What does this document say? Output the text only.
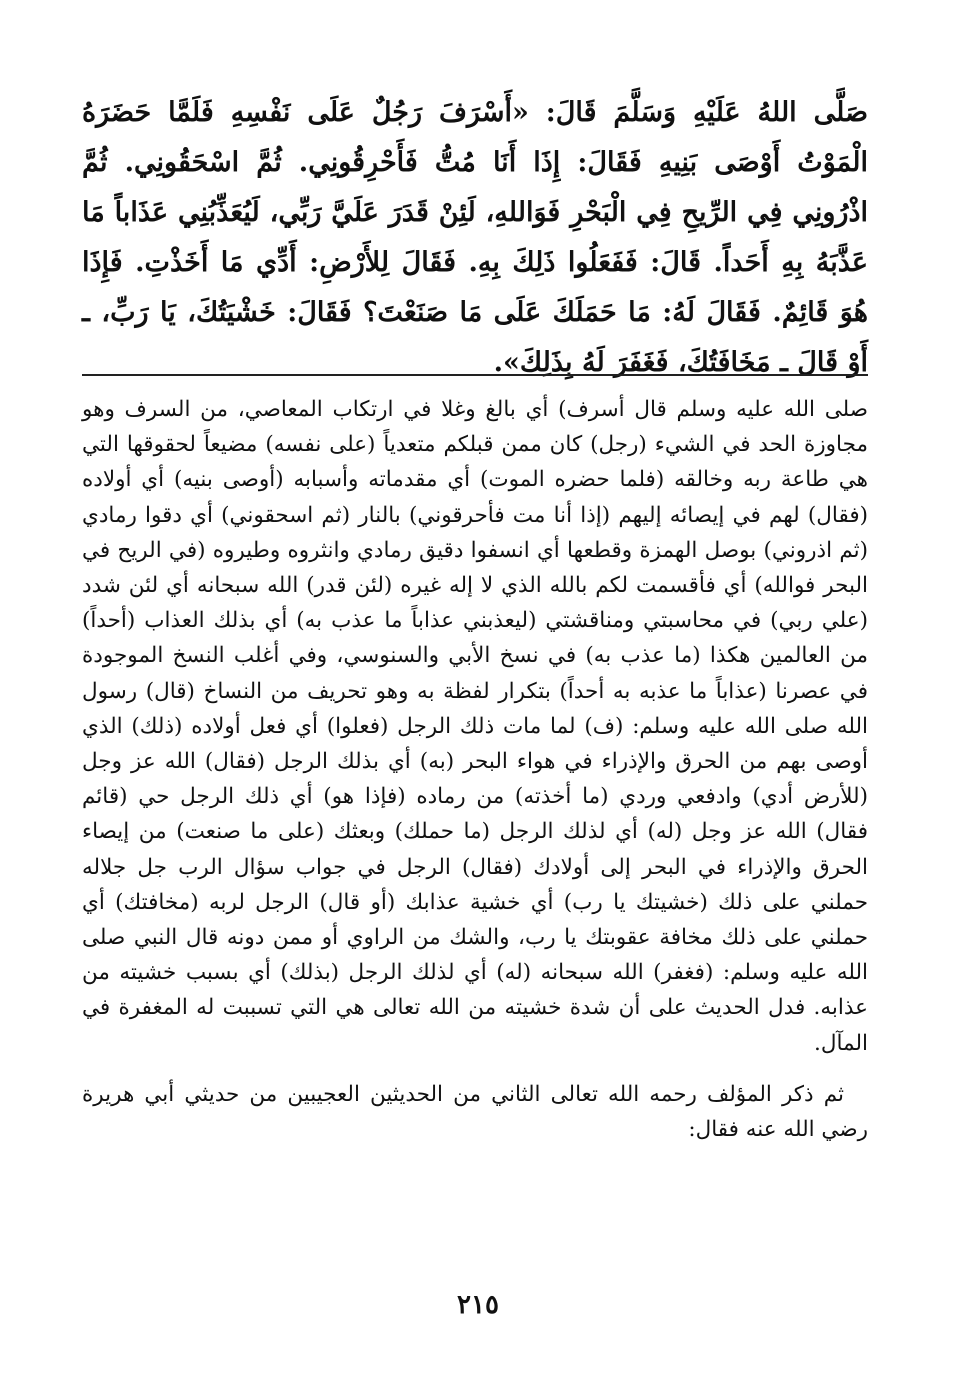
صَلَّى اللهُ عَلَيْهِ وَسَلَّمَ قَالَ: «أَسْرَفَ رَجُلٌ عَلَى نَفْسِهِ فَلَمَّا حَضَرَهُ الْمَوْتُ أَوْصَى بَنِيهِ فَقَالَ: إِذَا أَنَا مُتُّ فَأَحْرِقُونِي. ثُمَّ اسْحَقُونِي. ثُمَّ اذْرُونِي فِي الرِّيحِ فِي الْبَحْرِ فَوَاللهِ، لَئِنْ قَدَرَ عَلَيَّ رَبِّي، لَيُعَذِّبُنِي عَذَاباً مَا عَذَّبَهُ بِهِ أَحَداً. قَالَ: فَفَعَلُوا ذَلِكَ بِهِ. فَقَالَ لِلأَرْضِ: أَدِّي مَا أَخَذْتِ. فَإِذَا هُوَ قَائِمٌ. فَقَالَ لَهُ: مَا حَمَلَكَ عَلَى مَا صَنَعْتَ؟ فَقَالَ: خَشْيَتُكَ، يَا رَبِّ، ـ أَوْ قَالَ ـ مَخَافَتُكَ، فَغَفَرَ لَهُ بِذَلِكَ».

صلى الله عليه وسلم قال أسرف) أي بالغ وغلا في ارتكاب المعاصي، من السرف وهو مجاوزة الحد في الشيء (رجل) كان ممن قبلكم متعدياً (على نفسه) مضيعاً لحقوقها التي هي طاعة ربه وخالقه (فلما حضره الموت) أي مقدماته وأسبابه (أوصى بنيه) أي أولاده (فقال) لهم في إيصائه إليهم (إذا أنا مت فأحرقوني) بالنار (ثم اسحقوني) أي دقوا رمادي (ثم اذروني) بوصل الهمزة وقطعها أي انسفوا دقيق رمادي وانثروه وطيروه (في الريح في البحر فوالله) أي فأقسمت لكم بالله الذي لا إله غيره (لئن قدر) الله سبحانه أي لئن شدد (علي ربي) في محاسبتي ومناقشتي (ليعذبني عذاباً ما عذب به) أي بذلك العذاب (أحداً) من العالمين هكذا (ما عذب به) في نسخ الأبي والسنوسي، وفي أغلب النسخ الموجودة في عصرنا (عذاباً ما عذبه به أحداً) بتكرار لفظة به وهو تحريف من النساخ (قال) رسول الله صلى الله عليه وسلم: (ف) لما مات ذلك الرجل (فعلوا) أي فعل أولاده (ذلك) الذي أوصى بهم من الحرق والإذراء في هواء البحر (به) أي بذلك الرجل (فقال) الله عز وجل (للأرض أدي) وادفعي وردي (ما أخذته) من رماده (فإذا هو) أي ذلك الرجل حي (قائم فقال) الله عز وجل (له) أي لذلك الرجل (ما حملك) وبعثك (على ما صنعت) من إيصاء الحرق والإذراء في البحر إلى أولادك (فقال) الرجل في جواب سؤال الرب جل جلاله حملني على ذلك (خشيتك يا رب) أي خشية عذابك (أو قال) الرجل لربه (مخافتك) أي حملني على ذلك مخافة عقوبتك يا رب، والشك من الراوي أو ممن دونه قال النبي صلى الله عليه وسلم: (فغفر) الله سبحانه (له) أي لذلك الرجل (بذلك) أي بسبب خشيته من عذابه. فدل الحديث على أن شدة خشيته من الله تعالى هي التي تسببت له المغفرة في المآل.

ثم ذكر المؤلف رحمه الله تعالى الثاني من الحديثين العجيبين من حديثي أبي هريرة رضي الله عنه فقال:

٢١٥
